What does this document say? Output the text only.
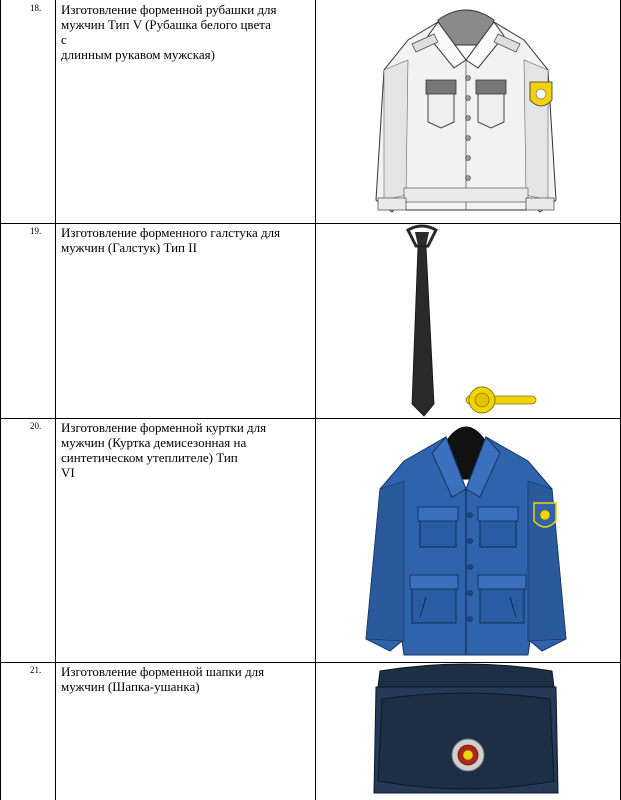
18. Изготовление форменной рубашки для
мужчин Тип V (Рубашка белого цвета
с
длинным рукавом мужская)
19. Изготовление форменного галстука для
мужчин (Галстук) Тип II
20. Изготовление форменной куртки для
мужчин (Куртка демисезонная на
синтетическом утеплителе) Тип
VI
21. Изготовление форменной шапки для
мужчин (Шапка-ушанка)
